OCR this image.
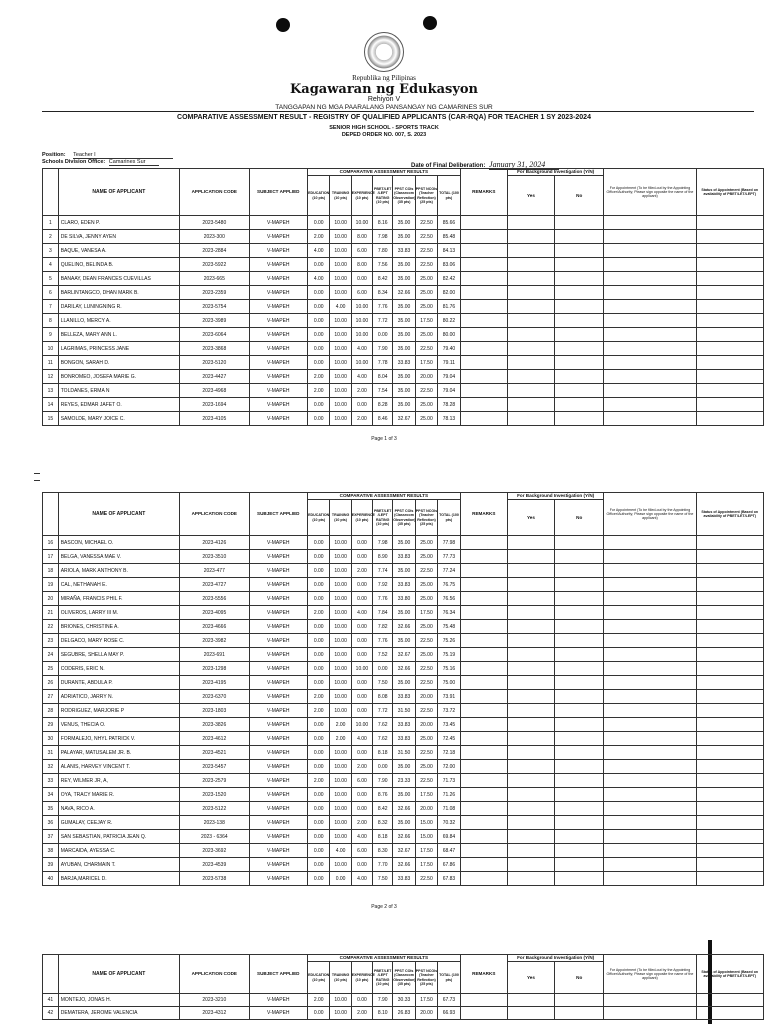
Republika ng Pilipinas
Kagawaran ng Edukasyon
Rehiyon V
TANGGAPAN NG MGA PAARALANG PANSANGAY NG CAMARINES SUR
COMPARATIVE ASSESSMENT RESULT - REGISTRY OF QUALIFIED APPLICANTS (CAR-RQA) FOR TEACHER 1 SY 2023-2024
SENIOR HIGH SCHOOL - SPORTS TRACK
DEPED ORDER NO. 007, S. 2023
Position: Teacher I
Schools Division Office: Camarines Sur
Date of Final Deliberation: January 31, 2024
	NAME OF APPLICANT	APPLICATION CODE	SUBJECT APPLIED	COMPARATIVE ASSESSMENT RESULTS							REMARKS	For Background Investigation (Y/N)		For Appointment (To be filled-out by the Appointing Officer/Authority; Please sign opposite the name of the applicant)	Status of Appointment (Based on availability of PBET/LET/LEPT)
				EDUCATION (10 pts)	TRAINING (10 pts)	EXPERIENCE (10 pts)	PBET/LET /LEPT RATING (10 pts)	PPST COIs (Classroom Observation) (35 pts)	PPST NCOIs (Teacher Reflection) (25 pts)	TOTAL (100 pts)		Yes	No		
1	CLARO, EDEN P.	2023-5480	V-MAPEH	0.00	10.00	10.00	8.16	35.00	22.50	85.66					
2	DE SILVA, JENNY AYEN	2023-300	V-MAPEH	2.00	10.00	8.00	7.98	35.00	22.50	85.48					
3	BAQUE, VANESA A.	2023-2884	V-MAPEH	4.00	10.00	6.00	7.80	33.83	22.50	84.13					
4	QUELINO, BELINDA B.	2023-5922	V-MAPEH	0.00	10.00	8.00	7.56	35.00	22.50	83.06					
5	BANAAY, DEAN FRANCES CUEVILLAS	2023-665	V-MAPEH	4.00	10.00	0.00	8.42	35.00	25.00	82.42					
6	BARLINTANGCO, DHAN MARK B.	2023-2359	V-MAPEH	0.00	10.00	6.00	8.34	32.66	25.00	82.00					
7	DARILAY, LUNINGNING R.	2023-5754	V-MAPEH	0.00	4.00	10.00	7.76	35.00	25.00	81.76					
8	LLANILLO, MERCY A.	2023-3989	V-MAPEH	0.00	10.00	10.00	7.72	35.00	17.50	80.22					
9	BELLEZA, MARY ANN L.	2023-6064	V-MAPEH	0.00	10.00	10.00	0.00	35.00	25.00	80.00					
10	LAGRIMAS, PRINCESS JANE	2023-3868	V-MAPEH	0.00	10.00	4.00	7.90	35.00	22.50	79.40					
11	BONGON, SARAH D.	2023-5120	V-MAPEH	0.00	10.00	10.00	7.78	33.83	17.50	79.11					
12	BONROMEO, JOSEFA MARIE G.	2023-4427	V-MAPEH	2.00	10.00	4.00	8.04	35.00	20.00	79.04					
13	TOLDANES, ERMA N	2023-4968	V-MAPEH	2.00	10.00	2.00	7.54	35.00	22.50	79.04					
14	REYES, EDMAR JAFET O.	2023-1694	V-MAPEH	0.00	10.00	0.00	8.28	35.00	25.00	78.28					
15	SAMOLDE, MARY JOICE C.	2023-4105	V-MAPEH	0.00	10.00	2.00	8.46	32.67	25.00	78.13					
Page 1 of 3
	NAME OF APPLICANT	APPLICATION CODE	SUBJECT APPLIED	COMPARATIVE ASSESSMENT RESULTS							REMARKS	For Background Investigation (Y/N)		For Appointment (To be filled-out by the Appointing Officer/Authority; Please sign opposite the name of the applicant)	Status of Appointment (Based on availability of PBET/LET/LEPT)
				EDUCATION (10 pts)	TRAINING (10 pts)	EXPERIENCE (10 pts)	PBET/LET /LEPT RATING (10 pts)	PPST COIs (Classroom Observation) (35 pts)	PPST NCOIs (Teacher Reflection) (25 pts)	TOTAL (100 pts)		Yes	No		
16	BASCON, MICHAEL O.	2023-4126	V-MAPEH	0.00	10.00	0.00	7.98	35.00	25.00	77.98					
17	BELGA, VANESSA MAE V.	2023-3510	V-MAPEH	0.00	10.00	0.00	8.90	33.83	25.00	77.73					
18	ARIOLA, MARK ANTHONY B.	2023-477	V-MAPEH	0.00	10.00	2.00	7.74	35.00	22.50	77.24					
19	CAL, NETHANAH E.	2023-4727	V-MAPEH	0.00	10.00	0.00	7.92	33.83	25.00	76.75					
20	MIRAÑA, FRANCIS PHIL F.	2023-5556	V-MAPEH	0.00	10.00	0.00	7.76	33.80	25.00	76.56					
21	OLIVEROS, LARRY III M.	2023-4095	V-MAPEH	2.00	10.00	4.00	7.84	35.00	17.50	76.34					
22	BRIONES, CHRISTINE A.	2023-4666	V-MAPEH	0.00	10.00	0.00	7.82	32.66	25.00	75.48					
23	DELGACO, MARY ROSE C.	2023-3982	V-MAPEH	0.00	10.00	0.00	7.76	35.00	22.50	75.26					
24	SEGUBRE, SHELLA MAY P.	2023-691	V-MAPEH	0.00	10.00	0.00	7.52	32.67	25.00	75.19					
25	CODERIS, ERIC N.	2023-1298	V-MAPEH	0.00	10.00	10.00	0.00	32.66	22.50	75.16					
26	DURANTE, ABDULA P.	2023-4195	V-MAPEH	0.00	10.00	0.00	7.50	35.00	22.50	75.00					
27	ADRIATICO, JARRY N.	2023-6370	V-MAPEH	2.00	10.00	0.00	8.08	33.83	20.00	73.91					
28	RODRIGUEZ, MARJORIE P	2023-1803	V-MAPEH	2.00	10.00	0.00	7.72	31.50	22.50	73.72					
29	VENUS, THECIA O.	2023-3826	V-MAPEH	0.00	2.00	10.00	7.62	33.83	20.00	73.45					
30	FORMALEJO, NHYL PATRICK V.	2023-4612	V-MAPEH	0.00	2.00	4.00	7.62	33.83	25.00	72.45					
31	PALAYAR, MATUSALEM JR. B.	2023-4521	V-MAPEH	0.00	10.00	0.00	8.18	31.50	22.50	72.18					
32	ALANIS, HARVEY VINCENT T.	2023-5457	V-MAPEH	0.00	10.00	2.00	0.00	35.00	25.00	72.00					
33	REY, WILMER JR, A,	2023-2579	V-MAPEH	2.00	10.00	6.00	7.90	23.33	22.50	71.73					
34	OYA, TRACY MARIE R.	2023-1520	V-MAPEH	0.00	10.00	0.00	8.76	35.00	17.50	71.26					
35	NAVA, RICO A.	2023-5122	V-MAPEH	0.00	10.00	0.00	8.42	32.66	20.00	71.08					
36	GUMALAY, CEEJAY R.	2023-138	V-MAPEH	0.00	10.00	2.00	8.32	35.00	15.00	70.32					
37	SAN SEBASTIAN, PATRICIA JEAN Q.	2023 - 6364	V-MAPEH	0.00	10.00	4.00	8.18	32.66	15.00	69.84					
38	MARCAIDA, AYESSA C.	2023-3692	V-MAPEH	0.00	4.00	6.00	8.30	32.67	17.50	68.47					
39	AYUBAN, CHARMAIN T.	2023-4539	V-MAPEH	0.00	10.00	0.00	7.70	32.66	17.50	67.86					
40	BARJA,MARICEL D.	2023-5738	V-MAPEH	0.00	0.00	4.00	7.50	33.83	22.50	67.83					
Page 2 of 3
	NAME OF APPLICANT	APPLICATION CODE	SUBJECT APPLIED	COMPARATIVE ASSESSMENT RESULTS							REMARKS	For Background Investigation (Y/N)		For Appointment (To be filled-out by the Appointing Officer/Authority; Please sign opposite the name of the applicant)	Status of Appointment (Based on availability of PBET/LET/LEPT)
				EDUCATION (10 pts)	TRAINING (10 pts)	EXPERIENCE (10 pts)	PBET/LET /LEPT RATING (10 pts)	PPST COIs (Classroom Observation) (35 pts)	PPST NCOIs (Teacher Reflection) (25 pts)	TOTAL (100 pts)		Yes	No		
41	MONTEJO, JONAS H.	2023-3210	V-MAPEH	2.00	10.00	0.00	7.90	30.33	17.50	67.73					
42	DEMATERA, JEROME VALENCIA	2023-4312	V-MAPEH	0.00	10.00	2.00	8.10	26.83	20.00	66.93					
